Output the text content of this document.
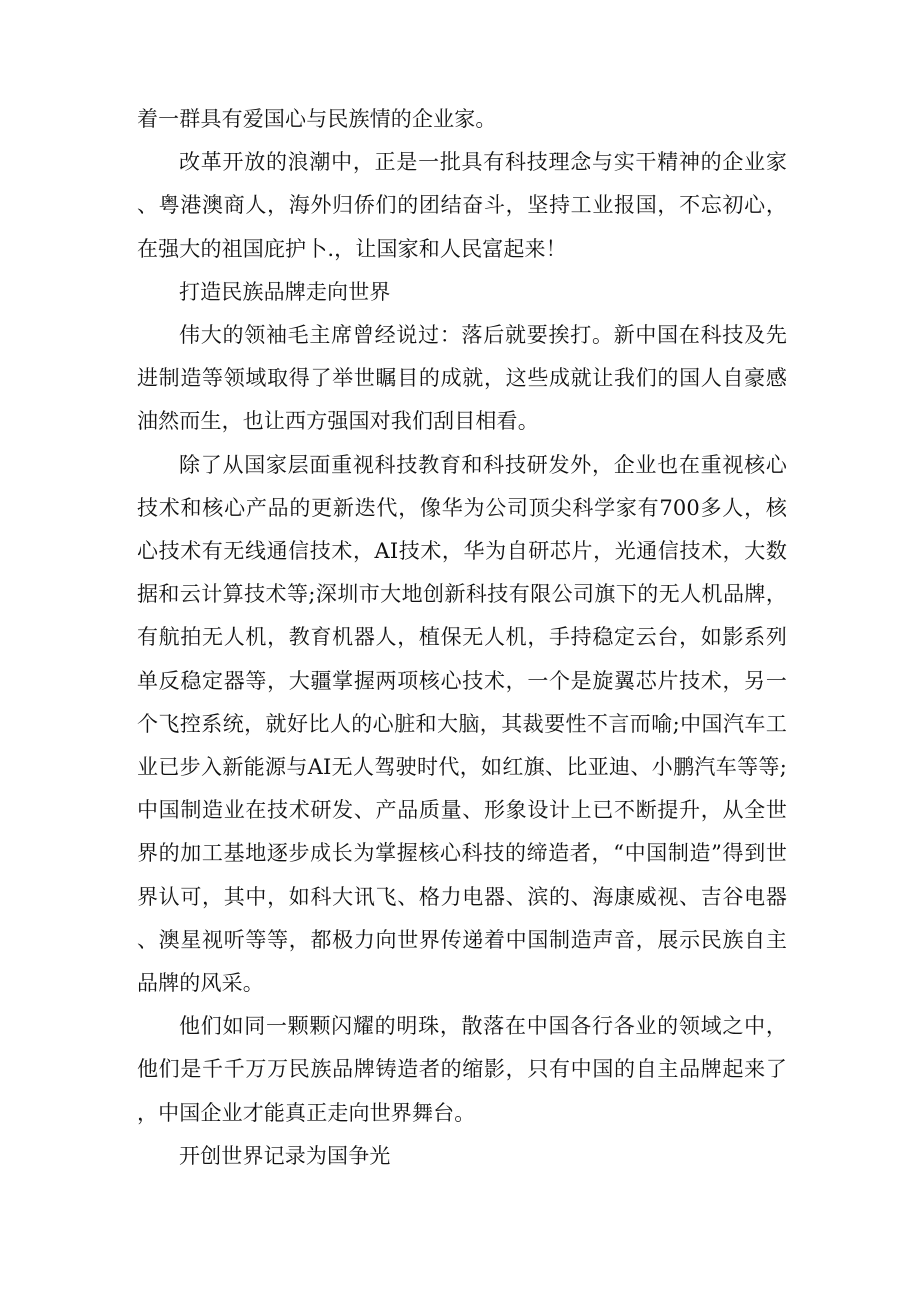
着一群具有爱国心与民族情的企业家。

改革开放的浪潮中，正是一批具有科技理念与实干精神的企业家、粤港澳商人，海外归侨们的团结奋斗，坚持工业报国，不忘初心，在强大的祖国庇护卜.，让国家和人民富起来！

打造民族品牌走向世界

伟大的领袖毛主席曾经说过：落后就要挨打。新中国在科技及先进制造等领域取得了举世瞩目的成就，这些成就让我们的国人自豪感油然而生，也让西方强国对我们刮目相看。

除了从国家层面重视科技教育和科技研发外，企业也在重视核心技术和核心产品的更新迭代，像华为公司顶尖科学家有700多人，核心技术有无线通信技术，AI技术，华为自研芯片，光通信技术，大数据和云计算技术等;深圳市大地创新科技有限公司旗下的无人机品牌，有航拍无人机，教育机器人，植保无人机，手持稳定云台，如影系列单反稳定器等，大疆掌握两项核心技术，一个是旋翼芯片技术，另一个飞控系统，就好比人的心脏和大脑，其裁要性不言而喻;中国汽车工业已步入新能源与AI无人驾驶时代，如红旗、比亚迪、小鹏汽车等等;中国制造业在技术研发、产品质量、形象设计上已不断提升，从全世界的加工基地逐步成长为掌握核心科技的缔造者，“中国制造”得到世界认可，其中，如科大讯飞、格力电器、滨的、海康威视、吉谷电器、澳星视听等等，都极力向世界传递着中国制造声音，展示民族自主品牌的风采。

他们如同一颗颗闪耀的明珠，散落在中国各行各业的领域之中，他们是千千万万民族品牌铸造者的缩影，只有中国的自主品牌起来了，中国企业才能真正走向世界舞台。

开创世界记录为国争光
